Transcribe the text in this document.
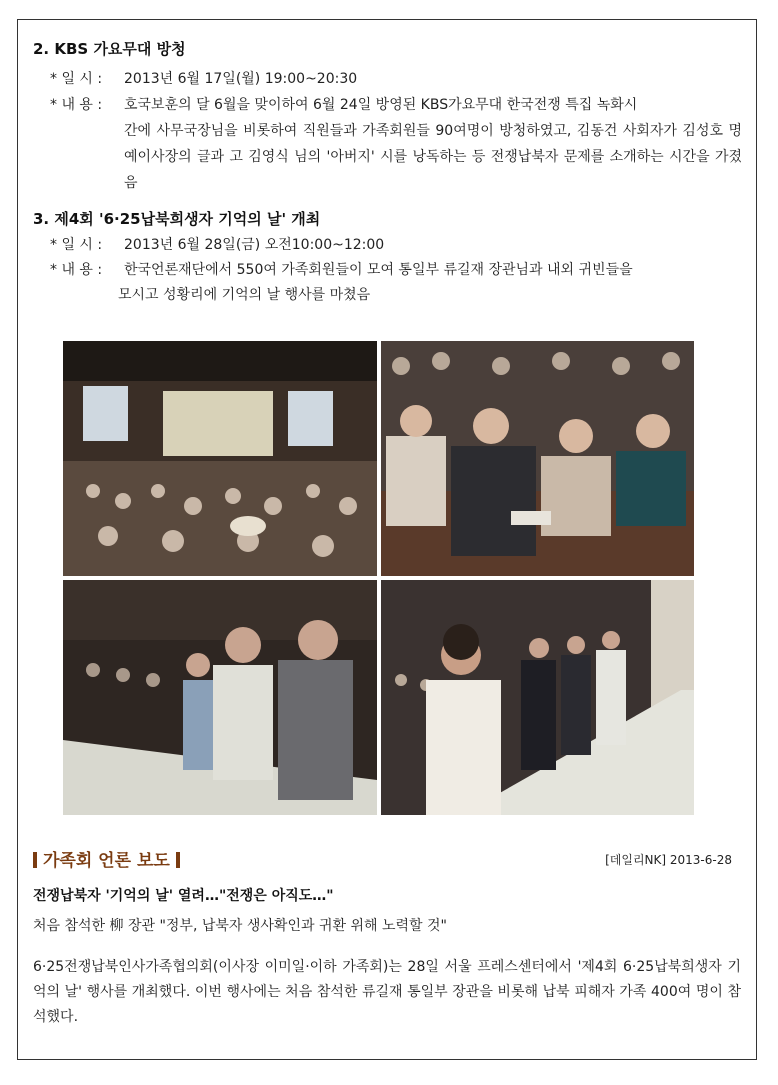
2. KBS 가요무대 방청
* 일 시 : 2013년 6월 17일(월) 19:00~20:30
* 내 용 : 호국보훈의 달 6월을 맞이하여 6월 24일 방영된 KBS가요무대 한국전쟁 특집 녹화시
간에 사무국장님을 비롯하여 직원들과 가족회원들 90여명이 방청하였고, 김동건 사회자가 김성호 명예이사장의 글과 고 김영식 님의 '아버지' 시를 낭독하는 등 전쟁납북자 문제를 소개하는 시간을 가졌음
3. 제4회 '6·25납북희생자 기억의 날' 개최
* 일 시 : 2013년 6월 28일(금) 오전10:00~12:00
* 내 용 : 한국언론재단에서 550여 가족회원들이 모여 통일부 류길재 장관님과 내외 귀빈들을
모시고 성황리에 기억의 날 행사를 마쳤음
가족회 언론 보도	[데일리NK] 2013-6-28
전쟁납북자 '기억의 날' 열려…"전쟁은 아직도…"
처음 참석한 柳 장관 "정부, 납북자 생사확인과 귀환 위해 노력할 것"
6·25전쟁납북인사가족협의회(이사장 이미일·이하 가족회)는 28일 서울 프레스센터에서 '제4회 6·25납북희생자 기억의 날' 행사를 개최했다. 이번 행사에는 처음 참석한 류길재 통일부 장관을 비롯해 납북 피해자 가족 400여 명이 참석했다.
